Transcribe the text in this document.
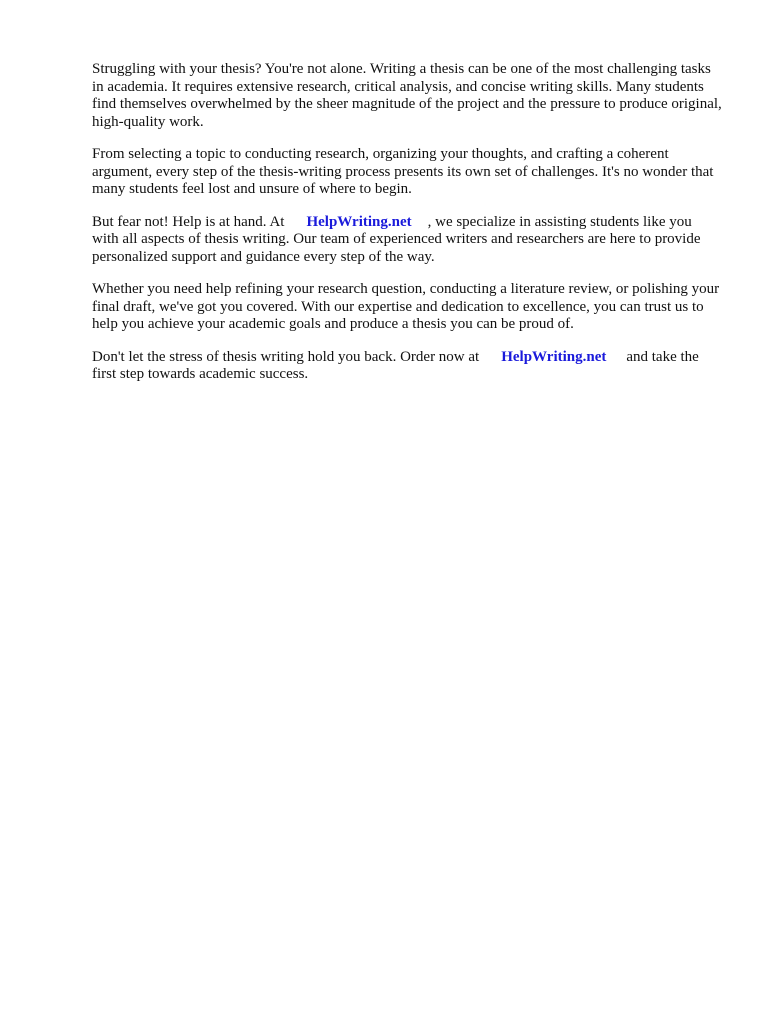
Struggling with your thesis? You're not alone. Writing a thesis can be one of the most challenging tasks in academia. It requires extensive research, critical analysis, and concise writing skills. Many students find themselves overwhelmed by the sheer magnitude of the project and the pressure to produce original, high-quality work.

From selecting a topic to conducting research, organizing your thoughts, and crafting a coherent argument, every step of the thesis-writing process presents its own set of challenges. It's no wonder that many students feel lost and unsure of where to begin.

But fear not! Help is at hand. At HelpWriting.net , we specialize in assisting students like you with all aspects of thesis writing. Our team of experienced writers and researchers are here to provide personalized support and guidance every step of the way.

Whether you need help refining your research question, conducting a literature review, or polishing your final draft, we've got you covered. With our expertise and dedication to excellence, you can trust us to help you achieve your academic goals and produce a thesis you can be proud of.

Don't let the stress of thesis writing hold you back. Order now at HelpWriting.net and take the first step towards academic success.
